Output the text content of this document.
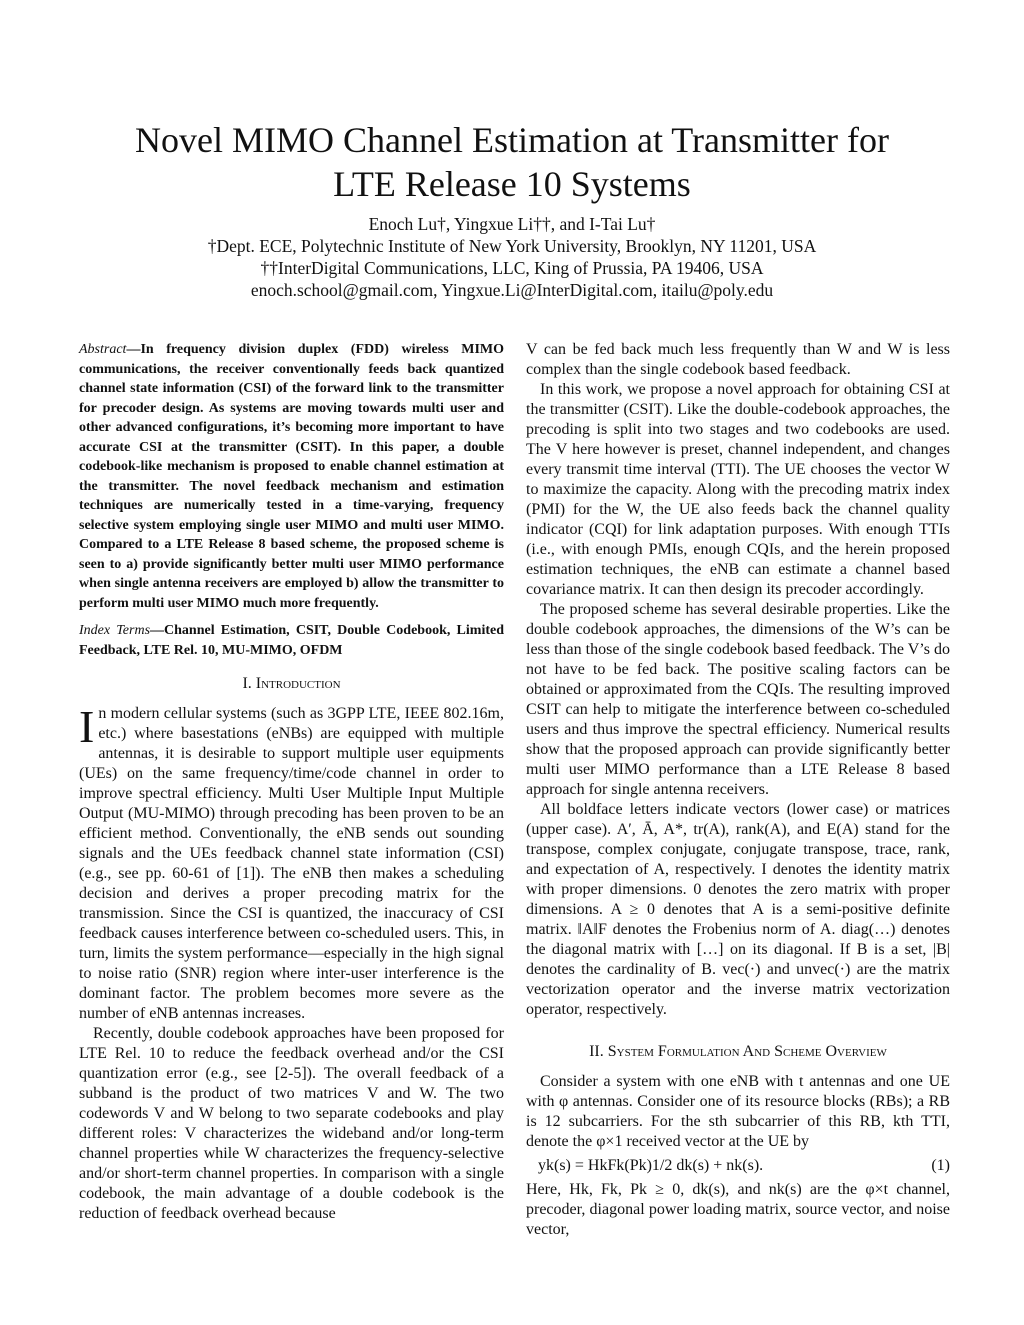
Novel MIMO Channel Estimation at Transmitter for
LTE Release 10 Systems
Enoch Lu†, Yingxue Li††, and I-Tai Lu†
†Dept. ECE, Polytechnic Institute of New York University, Brooklyn, NY 11201, USA
††InterDigital Communications, LLC, King of Prussia, PA 19406, USA
enoch.school@gmail.com, Yingxue.Li@InterDigital.com, itailu@poly.edu
Abstract—In frequency division duplex (FDD) wireless MIMO communications, the receiver conventionally feeds back quantized channel state information (CSI) of the forward link to the transmitter for precoder design. As systems are moving towards multi user and other advanced configurations, it’s becoming more important to have accurate CSI at the transmitter (CSIT). In this paper, a double codebook-like mechanism is proposed to enable channel estimation at the transmitter. The novel feedback mechanism and estimation techniques are numerically tested in a time-varying, frequency selective system employing single user MIMO and multi user MIMO. Compared to a LTE Release 8 based scheme, the proposed scheme is seen to a) provide significantly better multi user MIMO performance when single antenna receivers are employed b) allow the transmitter to perform multi user MIMO much more frequently.
Index Terms—Channel Estimation, CSIT, Double Codebook, Limited Feedback, LTE Rel. 10, MU-MIMO, OFDM
I. Introduction

In modern cellular systems (such as 3GPP LTE, IEEE 802.16m, etc.) where basestations (eNBs) are equipped with multiple antennas, it is desirable to support multiple user equipments (UEs) on the same frequency/time/code channel in order to improve spectral efficiency. Multi User Multiple Input Multiple Output (MU-MIMO) through precoding has been proven to be an efficient method. Conventionally, the eNB sends out sounding signals and the UEs feedback channel state information (CSI) (e.g., see pp. 60-61 of [1]). The eNB then makes a scheduling decision and derives a proper precoding matrix for the transmission. Since the CSI is quantized, the inaccuracy of CSI feedback causes interference between co-scheduled users. This, in turn, limits the system performance—especially in the high signal to noise ratio (SNR) region where inter-user interference is the dominant factor. The problem becomes more severe as the number of eNB antennas increases.

Recently, double codebook approaches have been proposed for LTE Rel. 10 to reduce the feedback overhead and/or the CSI quantization error (e.g., see [2-5]). The overall feedback of a subband is the product of two matrices V and W. The two codewords V and W belong to two separate codebooks and play different roles: V characterizes the wideband and/or long-term channel properties while W characterizes the frequency-selective and/or short-term channel properties. In comparison with a single codebook, the main advantage of a double codebook is the reduction of feedback overhead because

V can be fed back much less frequently than W and W is less complex than the single codebook based feedback.

In this work, we propose a novel approach for obtaining CSI at the transmitter (CSIT). Like the double-codebook approaches, the precoding is split into two stages and two codebooks are used. The V here however is preset, channel independent, and changes every transmit time interval (TTI). The UE chooses the vector W to maximize the capacity. Along with the precoding matrix index (PMI) for the W, the UE also feeds back the channel quality indicator (CQI) for link adaptation purposes. With enough TTIs (i.e., with enough PMIs, enough CQIs, and the herein proposed estimation techniques, the eNB can estimate a channel based covariance matrix. It can then design its precoder accordingly.

The proposed scheme has several desirable properties. Like the double codebook approaches, the dimensions of the W’s can be less than those of the single codebook based feedback. The V’s do not have to be fed back. The positive scaling factors can be obtained or approximated from the CQIs. The resulting improved CSIT can help to mitigate the interference between co-scheduled users and thus improve the spectral efficiency. Numerical results show that the proposed approach can provide significantly better multi user MIMO performance than a LTE Release 8 based approach for single antenna receivers.

All boldface letters indicate vectors (lower case) or matrices (upper case). A′, Ā, A*, tr(A), rank(A), and E(A) stand for the transpose, complex conjugate, conjugate transpose, trace, rank, and expectation of A, respectively. I denotes the identity matrix with proper dimensions. 0 denotes the zero matrix with proper dimensions. A ≥ 0 denotes that A is a semi-positive definite matrix. ‖A‖F denotes the Frobenius norm of A. diag(…) denotes the diagonal matrix with […] on its diagonal. If B is a set, |B| denotes the cardinality of B. vec(·) and unvec(·) are the matrix vectorization operator and the inverse matrix vectorization operator, respectively.

II. System Formulation And Scheme Overview

Consider a system with one eNB with t antennas and one UE with φ antennas. Consider one of its resource blocks (RBs); a RB is 12 subcarriers. For the sth subcarrier of this RB, kth TTI, denote the φ×1 received vector at the UE by

yk(s) = HkFk(Pk)1/2 dk(s) + nk(s).	(1)

Here, Hk, Fk, Pk ≥ 0, dk(s), and nk(s) are the φ×t channel, precoder, diagonal power loading matrix, source vector, and noise vector,
